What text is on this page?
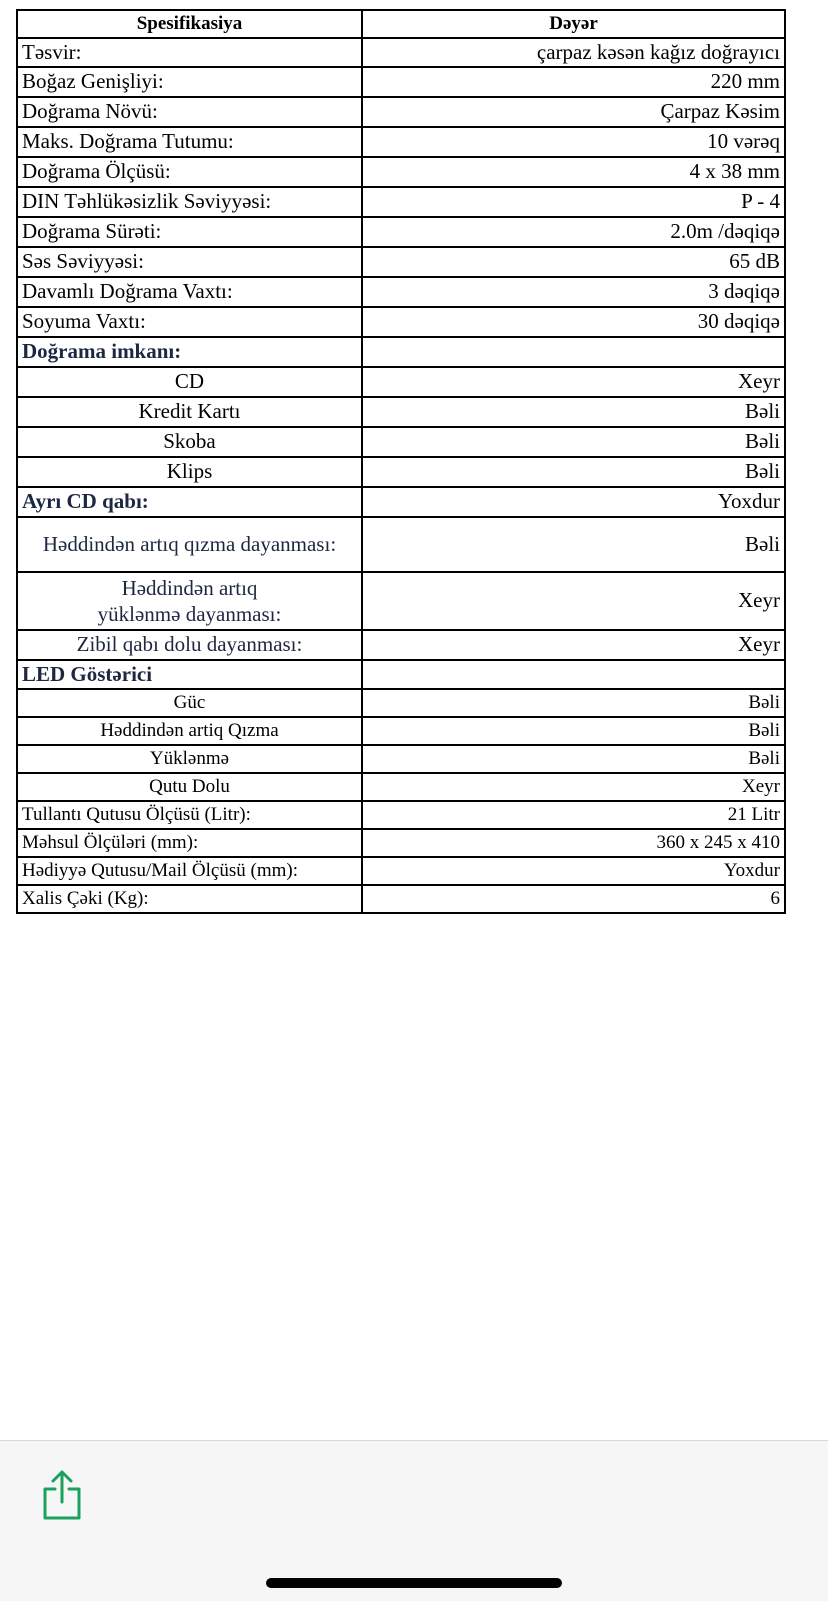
Spesifikasiya	Dəyər
Təsvir:	çarpaz kəsən kağız doğrayıcı
Boğaz Genişliyi:	220 mm
Doğrama Növü:	Çarpaz Kəsim
Maks. Doğrama Tutumu:	10 vərəq
Doğrama Ölçüsü:	4 x 38 mm
DIN Təhlükəsizlik Səviyyəsi:	P - 4
Doğrama Sürəti:	2.0m /dəqiqə
Səs Səviyyəsi:	65 dB
Davamlı Doğrama Vaxtı:	3 dəqiqə
Soyuma Vaxtı:	30 dəqiqə
Doğrama imkanı:	
CD	Xeyr
Kredit Kartı	Bəli
Skoba	Bəli
Klips	Bəli
Ayrı CD qabı:	Yoxdur
Həddindən artıq qızma dayanması:	Bəli
Həddindən artıq yüklənmə dayanması:	Xeyr
Zibil qabı dolu dayanması:	Xeyr
LED Göstərici	
Güc	Bəli
Həddindən artiq Qızma	Bəli
Yüklənmə	Bəli
Qutu Dolu	Xeyr
Tullantı Qutusu Ölçüsü (Litr):	21 Litr
Məhsul Ölçüləri (mm):	360 x 245 x 410
Hədiyyə Qutusu/Mail Ölçüsü (mm):	Yoxdur
Xalis Çəki (Kg):	6
